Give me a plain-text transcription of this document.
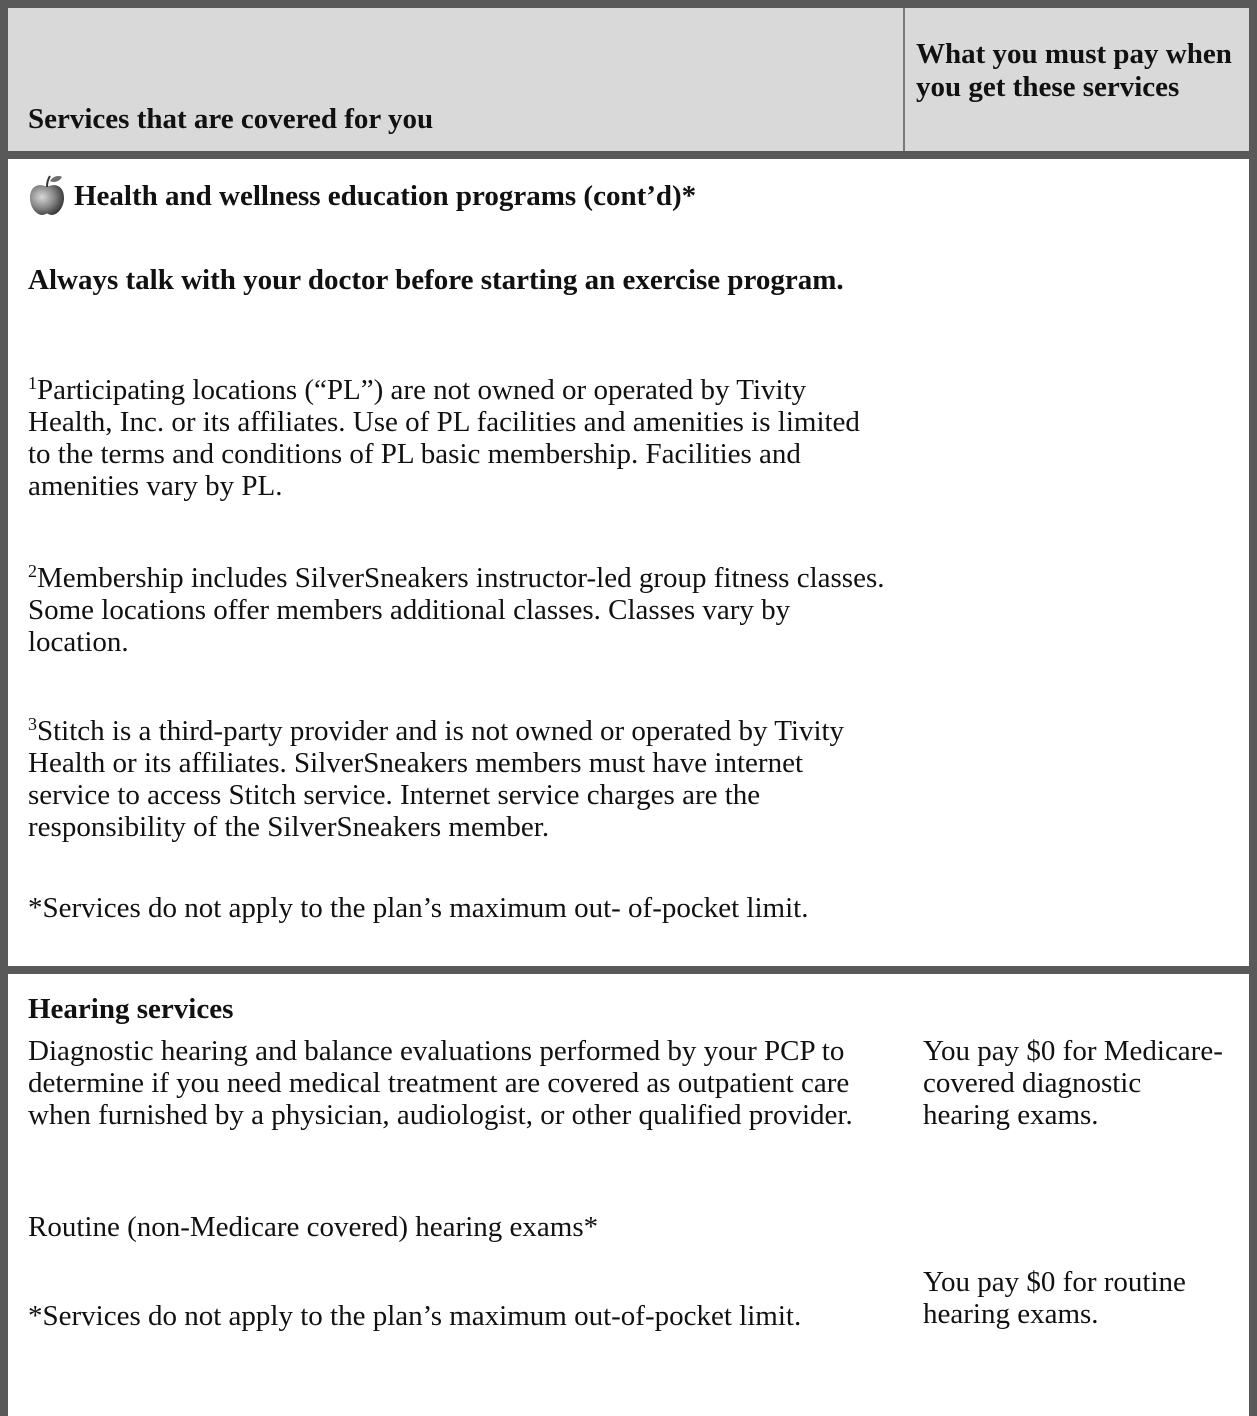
Services that are covered for you
What you must pay when you get these services
Health and wellness education programs (cont’d)*
Always talk with your doctor before starting an exercise program.
$^1$Participating locations (“PL”) are not owned or operated by Tivity Health, Inc. or its affiliates. Use of PL facilities and amenities is limited to the terms and conditions of PL basic membership. Facilities and amenities vary by PL.
$^2$Membership includes SilverSneakers instructor-led group fitness classes. Some locations offer members additional classes. Classes vary by location.
$^3$Stitch is a third-party provider and is not owned or operated by Tivity Health or its affiliates. SilverSneakers members must have internet service to access Stitch service. Internet service charges are the responsibility of the SilverSneakers member.
*Services do not apply to the plan’s maximum out- of-pocket limit.
Hearing services
Diagnostic hearing and balance evaluations performed by your PCP to determine if you need medical treatment are covered as outpatient care when furnished by a physician, audiologist, or other qualified provider.
You pay $0 for Medicare-covered diagnostic hearing exams.
Routine (non-Medicare covered) hearing exams*
You pay $0 for routine hearing exams.
*Services do not apply to the plan’s maximum out-of-pocket limit.
